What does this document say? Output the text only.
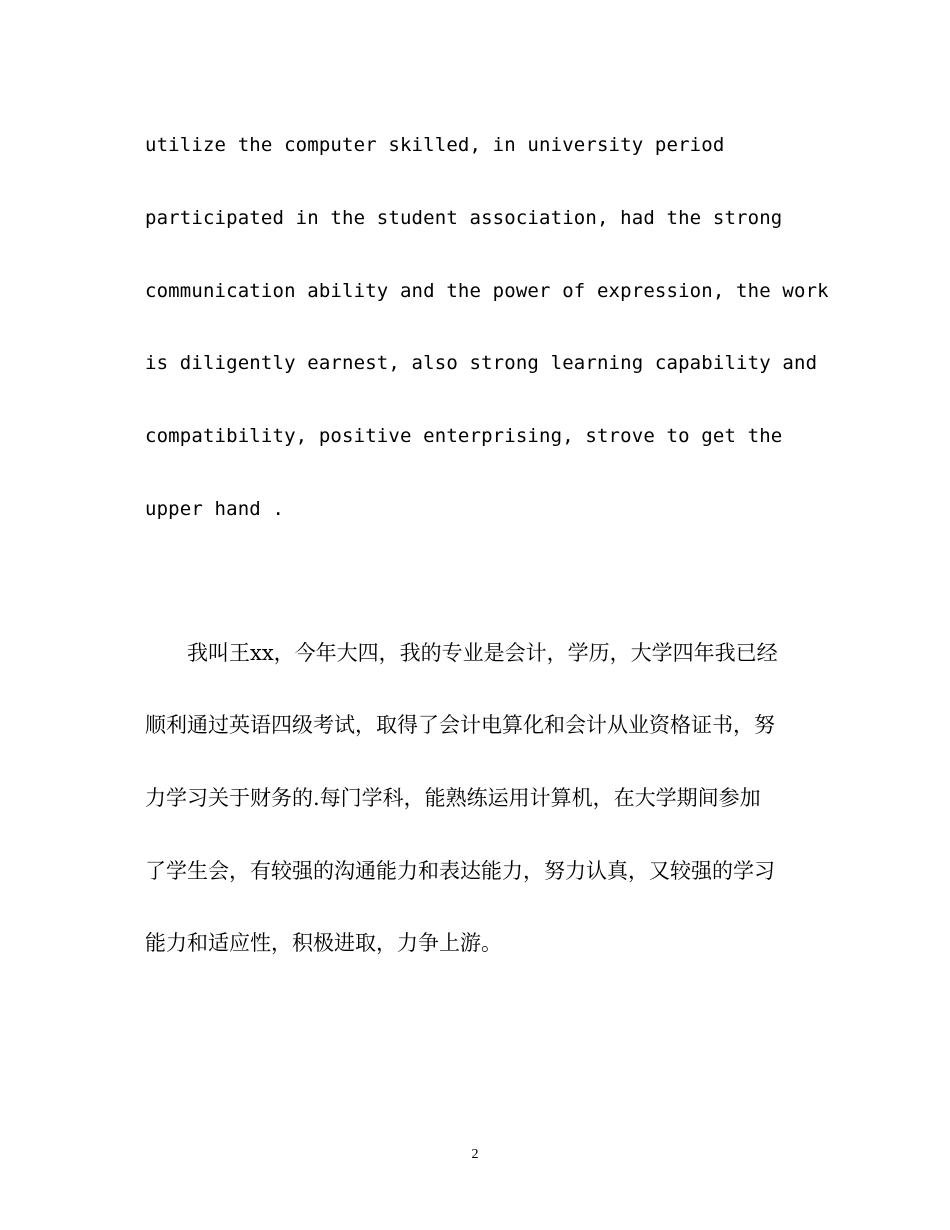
utilize the computer skilled, in university period
participated in the student association, had the strong
communication ability and the power of expression, the work
is diligently earnest, also strong learning capability and
compatibility, positive enterprising, strove to get the
upper hand .
我叫王xx，今年大四，我的专业是会计，学历，大学四年我已经
顺利通过英语四级考试，取得了会计电算化和会计从业资格证书，努
力学习关于财务的.每门学科，能熟练运用计算机，在大学期间参加
了学生会，有较强的沟通能力和表达能力，努力认真，又较强的学习
能力和适应性，积极进取，力争上游。
2
